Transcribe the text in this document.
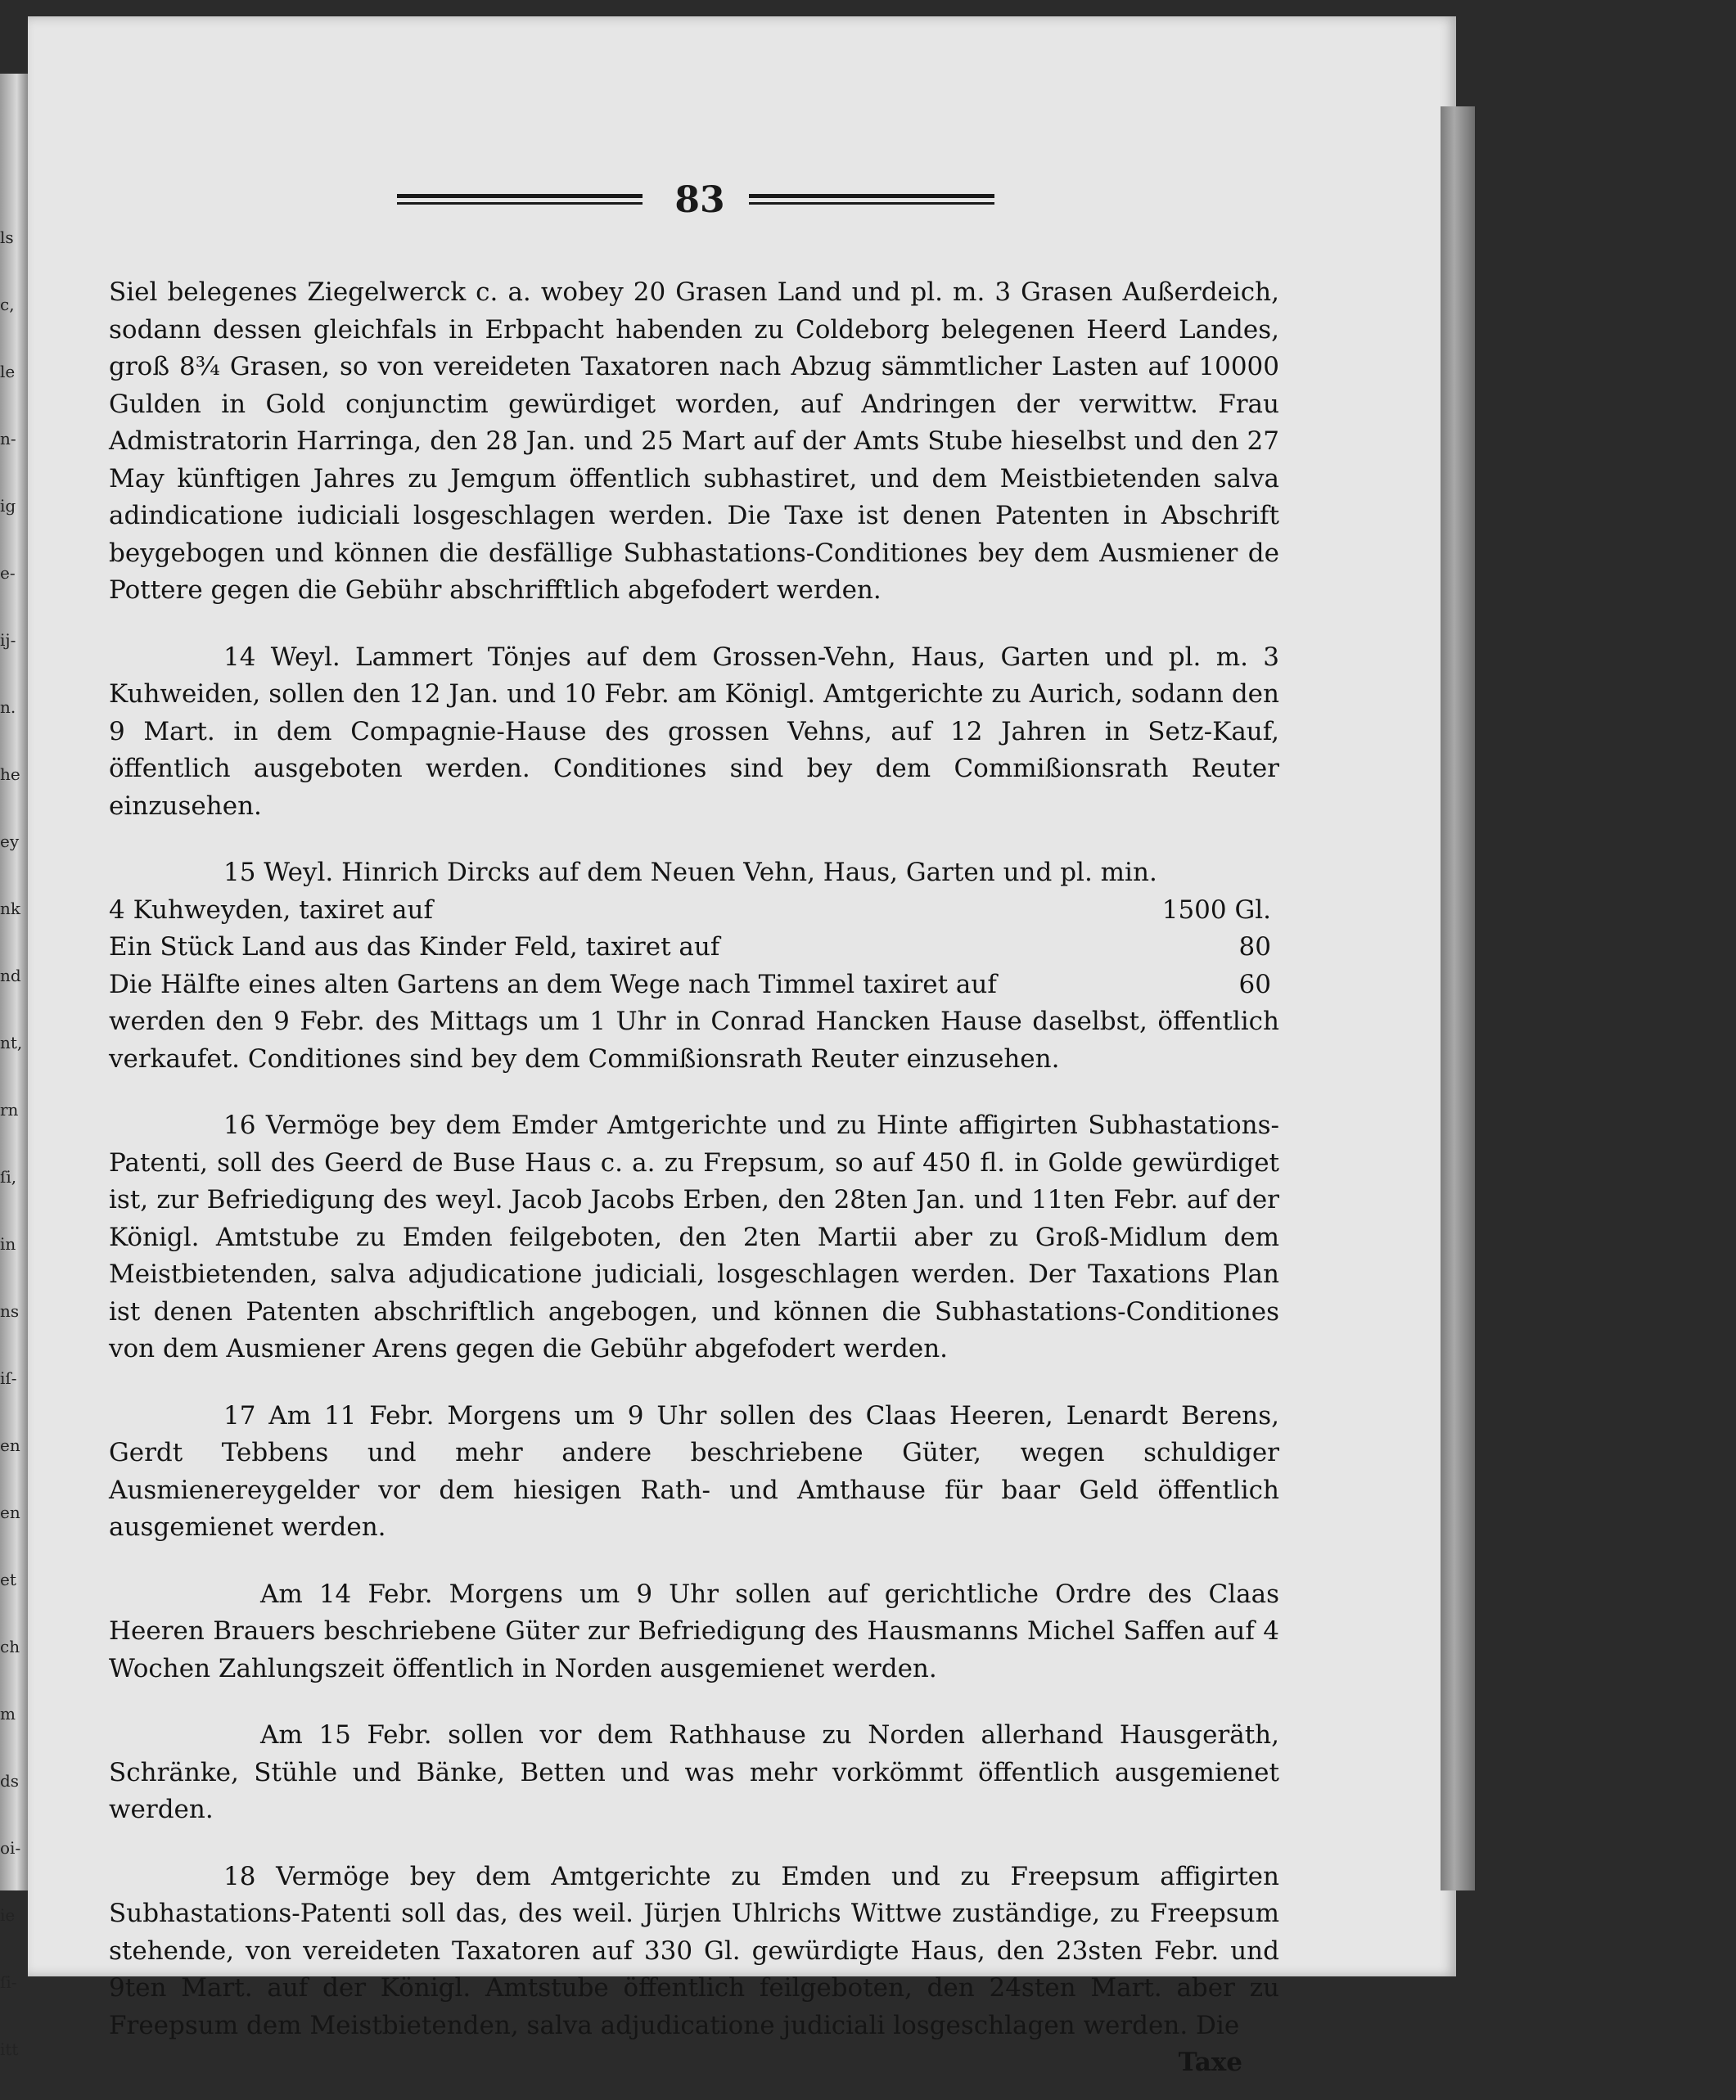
ls
c,
le
n-
ig
e-
ij-
n.
he
ey
nk
nd
nt,
rn
ſi,
in
ns
iſ-
en
en
et
ch
m
ds
oi-
ie
ſi-
itt
83

Siel belegenes Ziegelwerck c. a. wobey 20 Grasen Land und pl. m. 3 Grasen Außerdeich, sodann dessen gleichfals in Erbpacht habenden zu Coldeborg belegenen Heerd Landes, groß 8¾ Grasen, so von vereideten Taxatoren nach Abzug sämmtlicher Lasten auf 10000 Gulden in Gold conjunctim gewürdiget worden, auf Andringen der verwittw. Frau Admistratorin Harringa, den 28 Jan. und 25 Mart auf der Amts Stube hieselbst und den 27 May künftigen Jahres zu Jemgum öffentlich subhastiret, und dem Meistbietenden salva adindicatione iudiciali losgeschlagen werden. Die Taxe ist denen Patenten in Abschrift beygebogen und können die desfällige Subhastations-Conditiones bey dem Ausmiener de Pottere gegen die Gebühr abschrifftlich abgefodert werden.

14 Weyl. Lammert Tönjes auf dem Grossen-Vehn, Haus, Garten und pl. m. 3 Kuhweiden, sollen den 12 Jan. und 10 Febr. am Königl. Amtgerichte zu Aurich, sodann den 9 Mart. in dem Compagnie-Hause des grossen Vehns, auf 12 Jahren in Setz-Kauf, öffentlich ausgeboten werden. Conditiones sind bey dem Commißionsrath Reuter einzusehen.

15 Weyl. Hinrich Dircks auf dem Neuen Vehn, Haus, Garten und pl. min.

4 Kuhweyden, taxiret auf	1500 Gl.
Ein Stück Land aus das Kinder Feld, taxiret auf	80
Die Hälfte eines alten Gartens an dem Wege nach Timmel taxiret auf	60

werden den 9 Febr. des Mittags um 1 Uhr in Conrad Hancken Hause daselbst, öffentlich verkaufet. Conditiones sind bey dem Commißionsrath Reuter einzusehen.

16 Vermöge bey dem Emder Amtgerichte und zu Hinte affigirten Subhastations-Patenti, soll des Geerd de Buse Haus c. a. zu Frepsum, so auf 450 fl. in Golde gewürdiget ist, zur Befriedigung des weyl. Jacob Jacobs Erben, den 28ten Jan. und 11ten Febr. auf der Königl. Amtstube zu Emden feilgeboten, den 2ten Martii aber zu Groß-Midlum dem Meistbietenden, salva adjudicatione judiciali, losgeschlagen werden. Der Taxations Plan ist denen Patenten abschriftlich angebogen, und können die Subhastations-Conditiones von dem Ausmiener Arens gegen die Gebühr abgefodert werden.

17 Am 11 Febr. Morgens um 9 Uhr sollen des Claas Heeren, Lenardt Berens, Gerdt Tebbens und mehr andere beschriebene Güter, wegen schuldiger Ausmienereygelder vor dem hiesigen Rath- und Amthause für baar Geld öffentlich ausgemienet werden.

Am 14 Febr. Morgens um 9 Uhr sollen auf gerichtliche Ordre des Claas Heeren Brauers beschriebene Güter zur Befriedigung des Hausmanns Michel Saffen auf 4 Wochen Zahlungszeit öffentlich in Norden ausgemienet werden.

Am 15 Febr. sollen vor dem Rathhause zu Norden allerhand Hausgeräth, Schränke, Stühle und Bänke, Betten und was mehr vorkömmt öffentlich ausgemienet werden.

18 Vermöge bey dem Amtgerichte zu Emden und zu Freepsum affigirten Subhastations-Patenti soll das, des weil. Jürjen Uhlrichs Wittwe zuständige, zu Freepsum stehende, von vereideten Taxatoren auf 330 Gl. gewürdigte Haus, den 23sten Febr. und 9ten Mart. auf der Königl. Amtstube öffentlich feilgeboten, den 24sten Mart. aber zu Freepsum dem Meistbietenden, salva adjudicatione judiciali losgeschlagen werden. Die

Taxe
